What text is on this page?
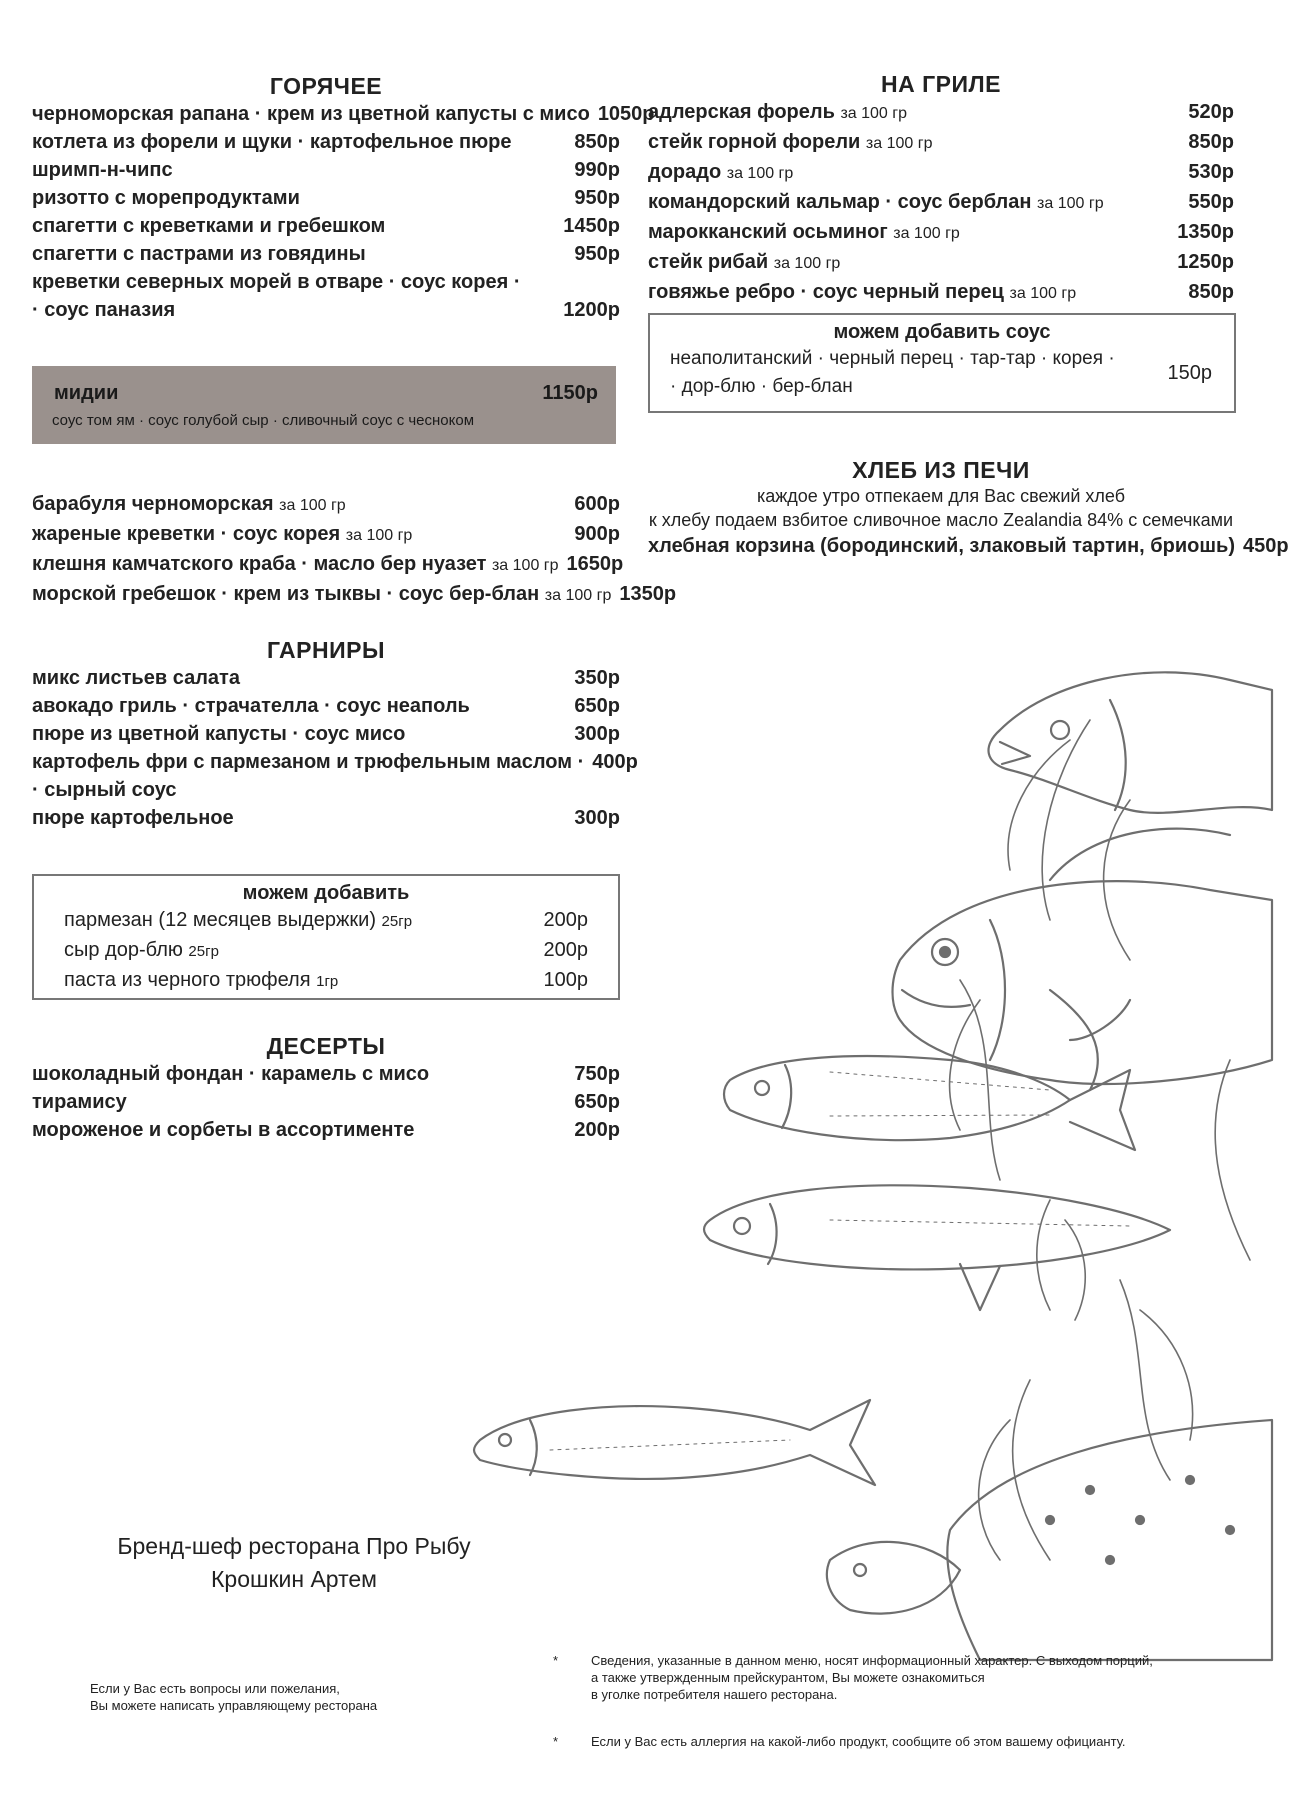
ГОРЯЧЕЕ
черноморская рапана · крем из цветной капусты с мисо 1050р
котлета из форели и щуки · картофельное пюре	850р
шримп-н-чипс	990р
ризотто с морепродуктами	950р
спагетти с креветками и гребешком	1450р
спагетти с пастрами из говядины	950р
креветки северных морей в отваре · соус корея ·
· соус паназия	1200р
мидии	1150р
соус том ям · соус голубой сыр · сливочный соус с чесноком
барабуля черноморская за 100 гр	600р
жареные креветки · соус корея за 100 гр	900р
клешня камчатского краба · масло бер нуазет за 100 гр 1650р
морской гребешок · крем из тыквы · соус бер-блан за 100 гр 1350р
ГАРНИРЫ
микс листьев салата	350р
авокадо гриль · страчателла · соус неаполь	650р
пюре из цветной капусты · соус мисо	300р
картофель фри с пармезаном и трюфельным маслом · 400р
· сырный соус
пюре картофельное	300р
можем добавить
пармезан (12 месяцев выдержки) 25гр	200р
сыр дор-блю 25гр	200р
паста из черного трюфеля 1гр	100р
ДЕСЕРТЫ
шоколадный фондан · карамель с мисо	750р
тирамису	650р
мороженое и сорбеты в ассортименте	200р
НА ГРИЛЕ
адлерская форель за 100 гр	520р
стейк горной форели за 100 гр	850р
дорадо за 100 гр	530р
командорский кальмар · соус берблан за 100 гр	550р
марокканский осьминог за 100 гр	1350р
стейк рибай за 100 гр	1250р
говяжье ребро · соус черный перец за 100 гр	850р
можем добавить соус
неаполитанский · черный перец · тар-тар · корея ·
· дор-блю · бер-блан
150р
ХЛЕБ ИЗ ПЕЧИ
каждое утро отпекаем для Вас свежий хлеб
к хлебу подаем взбитое сливочное масло Zealandia 84% с семечками
хлебная корзина (бородинский, злаковый тартин, бриошь) 450р
Бренд-шеф ресторана Про Рыбу
Крошкин Артем
Если у Вас есть вопросы или пожелания,
Вы можете написать управляющему ресторана
*	Сведения, указанные в данном меню, носят информационный характер. С выходом порций,
а также утвержденным прейскурантом, Вы можете ознакомиться
в уголке потребителя нашего ресторана.
*	Если у Вас есть аллергия на какой-либо продукт, сообщите об этом вашему официанту.
